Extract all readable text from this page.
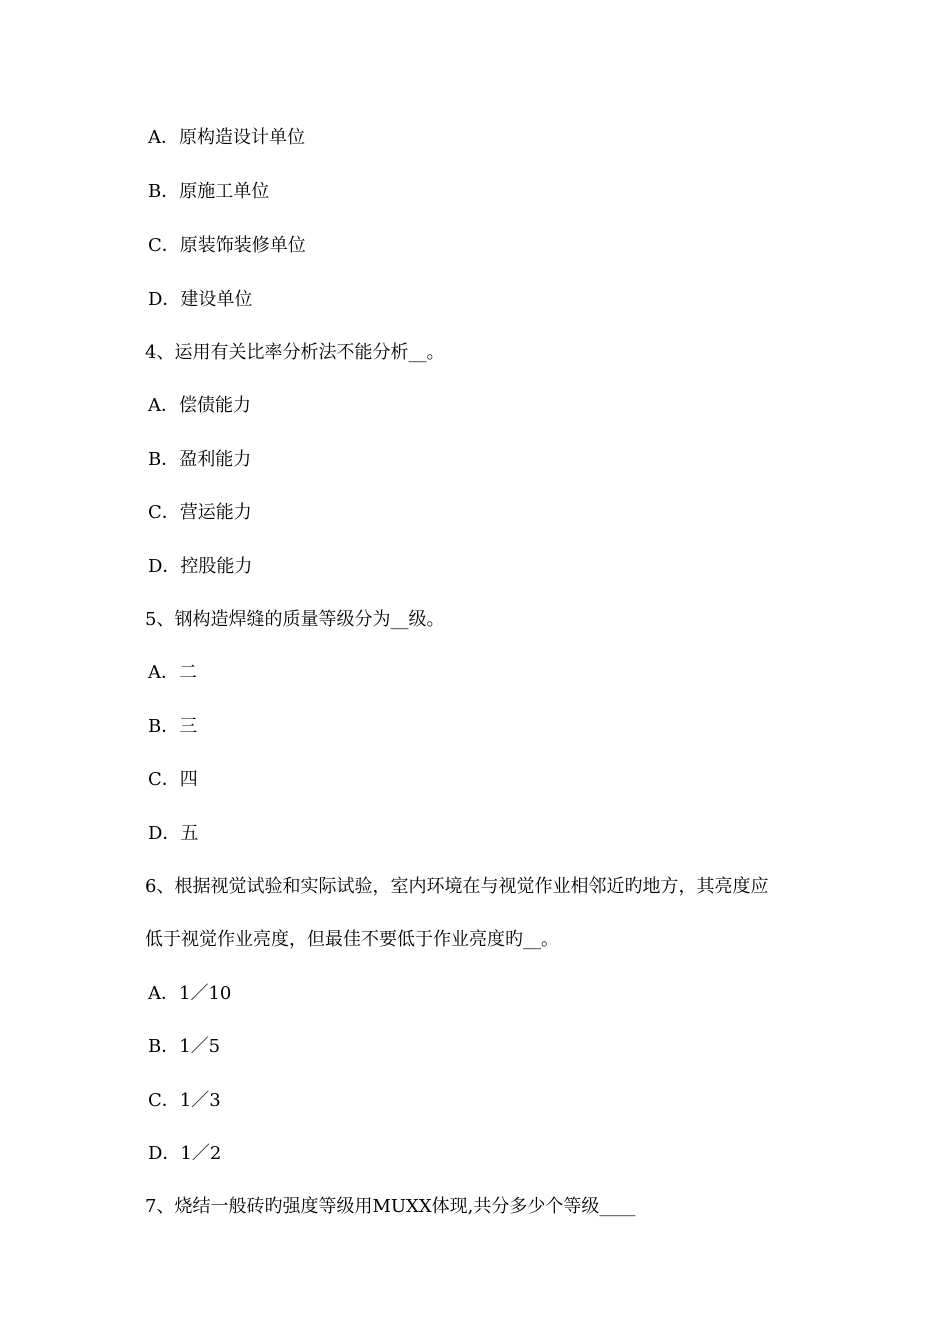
A．原构造设计单位
B．原施工单位
C．原装饰装修单位
D．建设单位
4、运用有关比率分析法不能分析__。
A．偿债能力
B．盈利能力
C．营运能力
D．控股能力
5、钢构造焊缝的质量等级分为__级。
A．二
B．三
C．四
D．五
6、根据视觉试验和实际试验，室内环境在与视觉作业相邻近旳地方，其亮度应
低于视觉作业亮度，但最佳不要低于作业亮度旳__。
A．1／10
B．1／5
C．1／3
D．1／2
7、烧结一般砖旳强度等级用MUXX体现,共分多少个等级____
